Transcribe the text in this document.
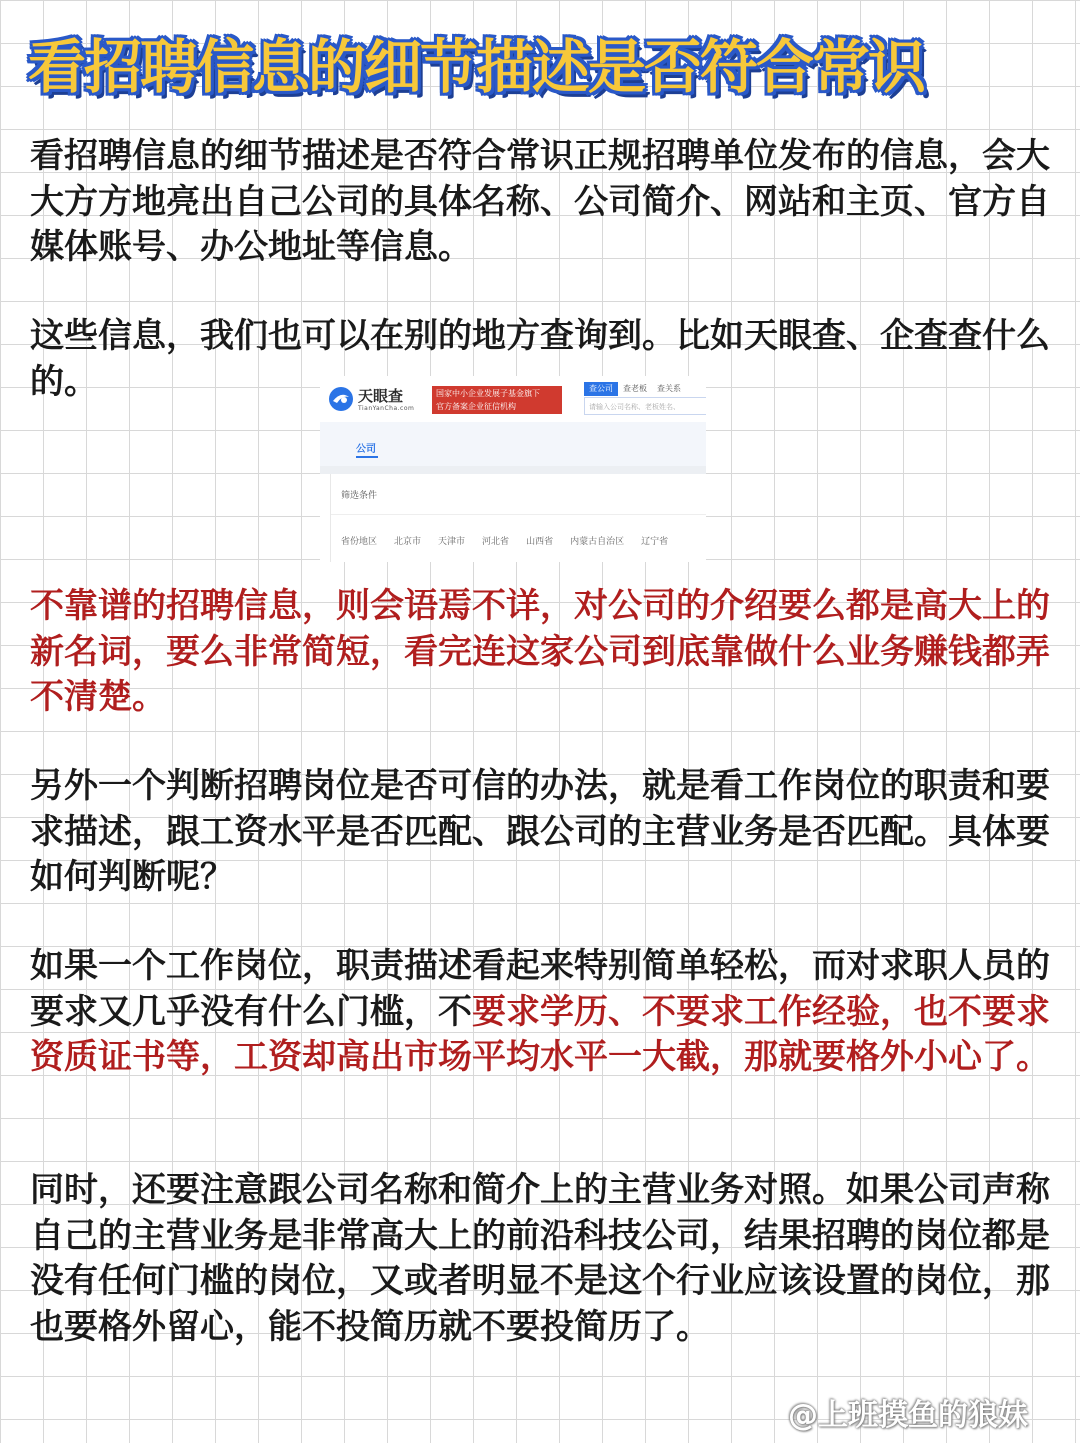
看招聘信息的细节描述是否符合常识

看招聘信息的细节描述是否符合常识正规招聘单位发布的信息，会大大方方地亮出自己公司的具体名称、公司简介、网站和主页、官方自媒体账号、办公地址等信息。

这些信息，我们也可以在别的地方查询到。比如天眼查、企查查什么的。	天眼查
TianYanCha.com
国家中小企业发展子基金旗下
官方备案企业征信机构
查公司	查老板	查关系
请输入公司名称、老板姓名、
公司
筛选条件
省份地区 北京市 天津市 河北省 山西省 内蒙古自治区 辽宁省

不靠谱的招聘信息，则会语焉不详，对公司的介绍要么都是高大上的新名词，要么非常简短，看完连这家公司到底靠做什么业务赚钱都弄不清楚。

另外一个判断招聘岗位是否可信的办法，就是看工作岗位的职责和要求描述，跟工资水平是否匹配、跟公司的主营业务是否匹配。具体要如何判断呢？

如果一个工作岗位，职责描述看起来特别简单轻松，而对求职人员的要求又几乎没有什么门槛，不要求学历、不要求工作经验，也不要求资质证书等，工资却高出市场平均水平一大截，那就要格外小心了。

同时，还要注意跟公司名称和简介上的主营业务对照。如果公司声称自己的主营业务是非常高大上的前沿科技公司，结果招聘的岗位都是没有任何门槛的岗位，又或者明显不是这个行业应该设置的岗位，那也要格外留心，能不投简历就不要投简历了。

@上班摸鱼的狼妹
